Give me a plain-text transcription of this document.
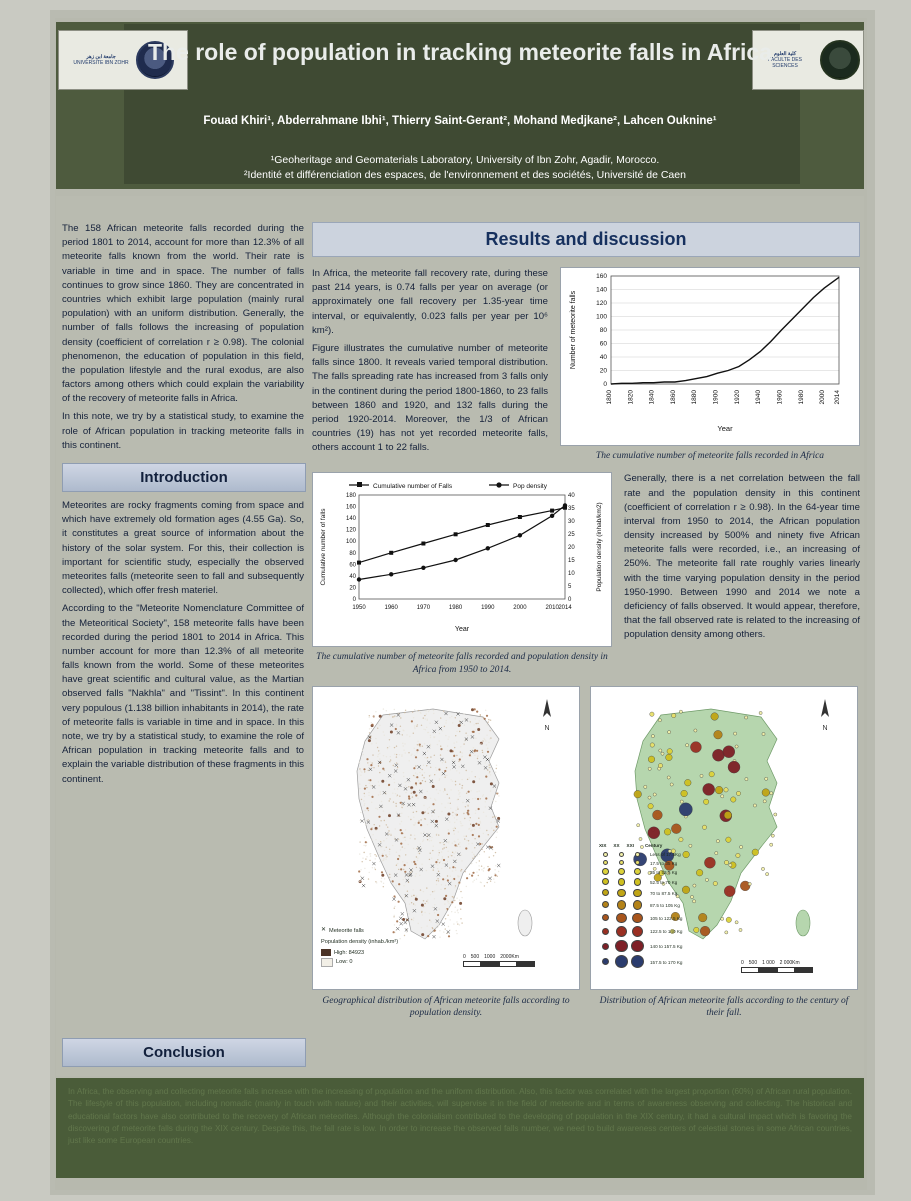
جامعة ابن زهر
UNIVERSITE IBN ZOHR
كلية العلوم
FACULTE DES SCIENCES
The role of population in tracking meteorite falls in Africa
Fouad Khiri¹, Abderrahmane Ibhi¹, Thierry Saint-Gerant², Mohand Medjkane², Lahcen Ouknine¹
¹Geoheritage and Geomaterials Laboratory, University of Ibn Zohr, Agadir, Morocco.
²Identité et différenciation des espaces, de l'environnement et des sociétés, Université de Caen

The 158 African meteorite falls recorded during the period 1801 to 2014, account for more than 12.3% of all meteorite falls known from the world. Their rate is variable in time and in space. The number of falls continues to grow since 1860. They are concentrated in countries which exhibit large population (mainly rural population) with an uniform distribution. Generally, the number of falls follows the increasing of population density (coefficient of correlation r ≥ 0.98). The colonial phenomenon, the education of population in this field, the population lifestyle and the rural exodus, are also factors among others which could explain the variability of the recovery of meteorite falls in Africa.

In this note, we try by a statistical study, to examine the role of African population in tracking meteorite falls in this continent.

Introduction

Meteorites are rocky fragments coming from space and which have extremely old formation ages (4.55 Ga). So, it constitutes a great source of information about the history of the solar system. For this, their collection is important for scientific study, especially the observed meteorites falls (meteorite seen to fall and subsequently collected), which offer fresh materiel.

According to the "Meteorite Nomenclature Committee of the Meteoritical Society", 158 meteorite falls have been recorded during the period 1801 to 2014 in Africa. This number account for more than 12.3% of all meteorite falls known from the world. Some of these meteorites have great scientific and cultural value, as the Martian observed falls "Nakhla" and "Tissint". In this continent very populous (1.138 billion inhabitants in 2014), the rate of meteorite falls is variable in time and in space. In this note, we try by a statistical study, to examine the role of African population in tracking meteorite falls and to explain the variable distribution of these fragments in this continent.

Results and discussion

In Africa, the meteorite fall recovery rate, during these past 214 years, is 0.74 falls per year on average (or approximately one fall recovery per 1.35-year time interval, or equivalently, 0.023 falls per year per 10⁶ km²).

Figure illustrates the cumulative number of meteorite falls since 1800. It reveals varied temporal distribution. The falls spreading rate has increased from 3 falls only in the continent during the period 1800-1860, to 23 falls between 1860 and 1920, and 132 falls during the period 1920-2014. Moreover, the 1/3 of African countries (19) has not yet recorded meteorite falls, others account 1 to 22 falls.

0
20
40
60
80
100
120
140
160
1800 1820 1840 1860 1880 1900 1920 1940 1960 1980 2000 2014
Year
Number of meteorite falls
The cumulative number of meteorite falls recorded in Africa
Cumulative number of Falls	Pop density
0
20
40
60
80
100
120
140
160
180
0
5
10
15
20
25
30
35
40
1950	1960	1970	1980	1990	2000	2010 2014
Year
Cumulative number of falls	Population density (inhab/km2)
The cumulative number of meteorite falls recorded and population density in Africa from 1950 to 2014.

Generally, there is a net correlation between the fall rate and the population density in this continent (coefficient of correlation r ≥ 0.98). In the 64-year time interval from 1950 to 2014, the African population density increased by 500% and ninety five African meteorite falls were recorded, i.e., an increasing of 250%. The meteorite fall rate roughly varies linearly with the time varying population density in the period 1950-1990. Between 1990 and 2014 we note a deficiency of falls observed. It would appear, therefore, that the fall observed rate is related to the increasing of population density among others.

N
✕ Meteorite falls
Population density (inhab./km²)
High: 84923
Low: 0
0 500 1000 2000Km
Geographical distribution of African meteorite falls according to population density.
N
XIX XX XXI Century
Less of 17.5Kg
17.5 to 35 Kg
35 to 52.5 Kg
52.5 to 70 Kg
70 to 87.5 Kg
87.5 to 105 Kg
105 to 122.5 Kg
122.5 to 140 Kg
140 to 157.5 Kg
157.5 to 170 Kg	0 500 1 000 2 000Km
Distribution of African meteorite falls according to the century of their fall.
Conclusion

In Africa, the observing and collecting meteorite falls increase with the increasing of population and the uniform distribution. Also, this factor was correlated with the largest proportion (60%) of African rural population. The lifestyle of this population, including nomadic (mainly in touch with nature) and their activities, will supervise it in the field of meteorite and in terms of awareness observing and collecting. The historical and educational factors have also contributed to the recovery of African meteorites. Although the colonialism contributed to the developing of population in the XIX century, it had a cultural impact which is favoring the discovering of meteorite falls during the XIX century. Despite this, the fall rate is low. In order to increase the observed falls number, we need to build awareness centers of celestial stones in some African countries, just like some European countries.
